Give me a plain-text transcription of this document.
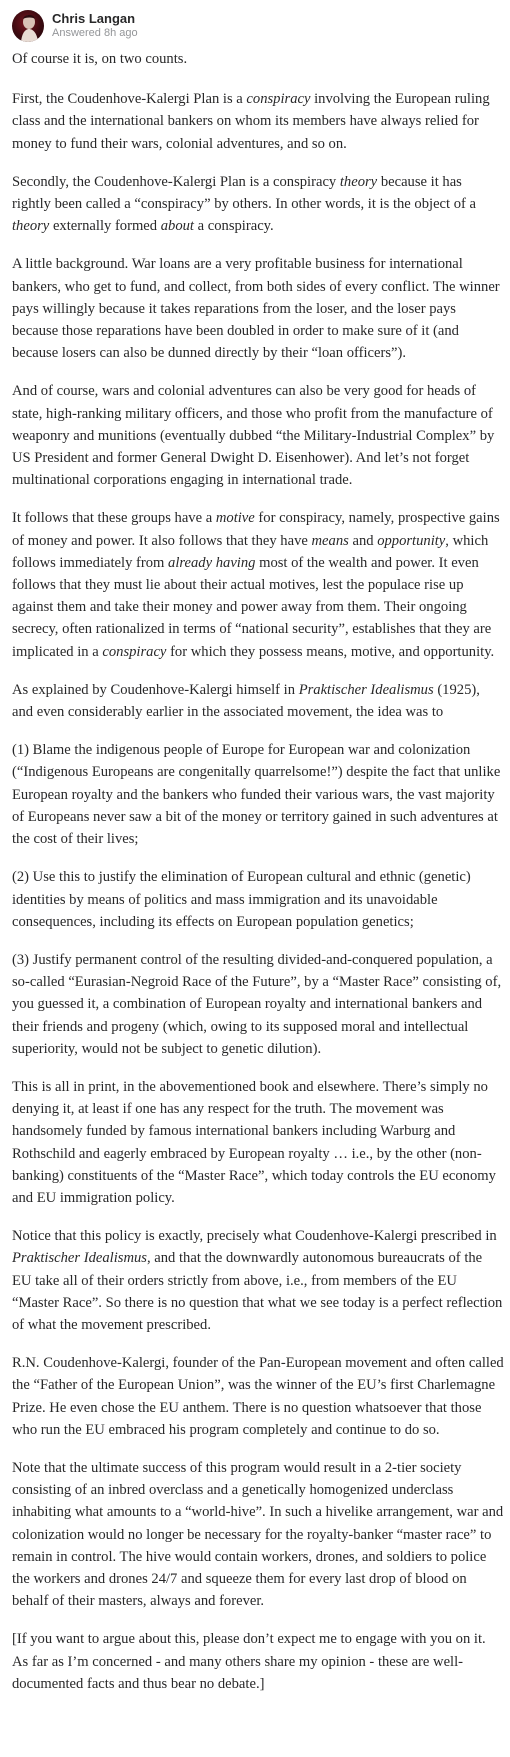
Chris Langan
Answered 8h ago

Of course it is, on two counts.

First, the Coudenhove-Kalergi Plan is a conspiracy involving the European ruling class and the international bankers on whom its members have always relied for money to fund their wars, colonial adventures, and so on.

Secondly, the Coudenhove-Kalergi Plan is a conspiracy theory because it has rightly been called a “conspiracy” by others. In other words, it is the object of a theory externally formed about a conspiracy.

A little background. War loans are a very profitable business for international bankers, who get to fund, and collect, from both sides of every conflict. The winner pays willingly because it takes reparations from the loser, and the loser pays because those reparations have been doubled in order to make sure of it (and because losers can also be dunned directly by their “loan officers”).

And of course, wars and colonial adventures can also be very good for heads of state, high-ranking military officers, and those who profit from the manufacture of weaponry and munitions (eventually dubbed “the Military-Industrial Complex” by US President and former General Dwight D. Eisenhower). And let’s not forget multinational corporations engaging in international trade.

It follows that these groups have a motive for conspiracy, namely, prospective gains of money and power. It also follows that they have means and opportunity, which follows immediately from already having most of the wealth and power. It even follows that they must lie about their actual motives, lest the populace rise up against them and take their money and power away from them. Their ongoing secrecy, often rationalized in terms of “national security”, establishes that they are implicated in a conspiracy for which they possess means, motive, and opportunity.

As explained by Coudenhove-Kalergi himself in Praktischer Idealismus (1925), and even considerably earlier in the associated movement, the idea was to

(1) Blame the indigenous people of Europe for European war and colonization (“Indigenous Europeans are congenitally quarrelsome!”) despite the fact that unlike European royalty and the bankers who funded their various wars, the vast majority of Europeans never saw a bit of the money or territory gained in such adventures at the cost of their lives;

(2) Use this to justify the elimination of European cultural and ethnic (genetic) identities by means of politics and mass immigration and its unavoidable consequences, including its effects on European population genetics;

(3) Justify permanent control of the resulting divided-and-conquered population, a so-called “Eurasian-Negroid Race of the Future”, by a “Master Race” consisting of, you guessed it, a combination of European royalty and international bankers and their friends and progeny (which, owing to its supposed moral and intellectual superiority, would not be subject to genetic dilution).

This is all in print, in the abovementioned book and elsewhere. There’s simply no denying it, at least if one has any respect for the truth. The movement was handsomely funded by famous international bankers including Warburg and Rothschild and eagerly embraced by European royalty … i.e., by the other (non-banking) constituents of the “Master Race”, which today controls the EU economy and EU immigration policy.

Notice that this policy is exactly, precisely what Coudenhove-Kalergi prescribed in Praktischer Idealismus, and that the downwardly autonomous bureaucrats of the EU take all of their orders strictly from above, i.e., from members of the EU “Master Race”. So there is no question that what we see today is a perfect reflection of what the movement prescribed.

R.N. Coudenhove-Kalergi, founder of the Pan-European movement and often called the “Father of the European Union”, was the winner of the EU’s first Charlemagne Prize. He even chose the EU anthem. There is no question whatsoever that those who run the EU embraced his program completely and continue to do so.

Note that the ultimate success of this program would result in a 2-tier society consisting of an inbred overclass and a genetically homogenized underclass inhabiting what amounts to a “world-hive”. In such a hivelike arrangement, war and colonization would no longer be necessary for the royalty-banker “master race” to remain in control. The hive would contain workers, drones, and soldiers to police the workers and drones 24/7 and squeeze them for every last drop of blood on behalf of their masters, always and forever.

[If you want to argue about this, please don’t expect me to engage with you on it. As far as I’m concerned - and many others share my opinion - these are well-documented facts and thus bear no debate.]
